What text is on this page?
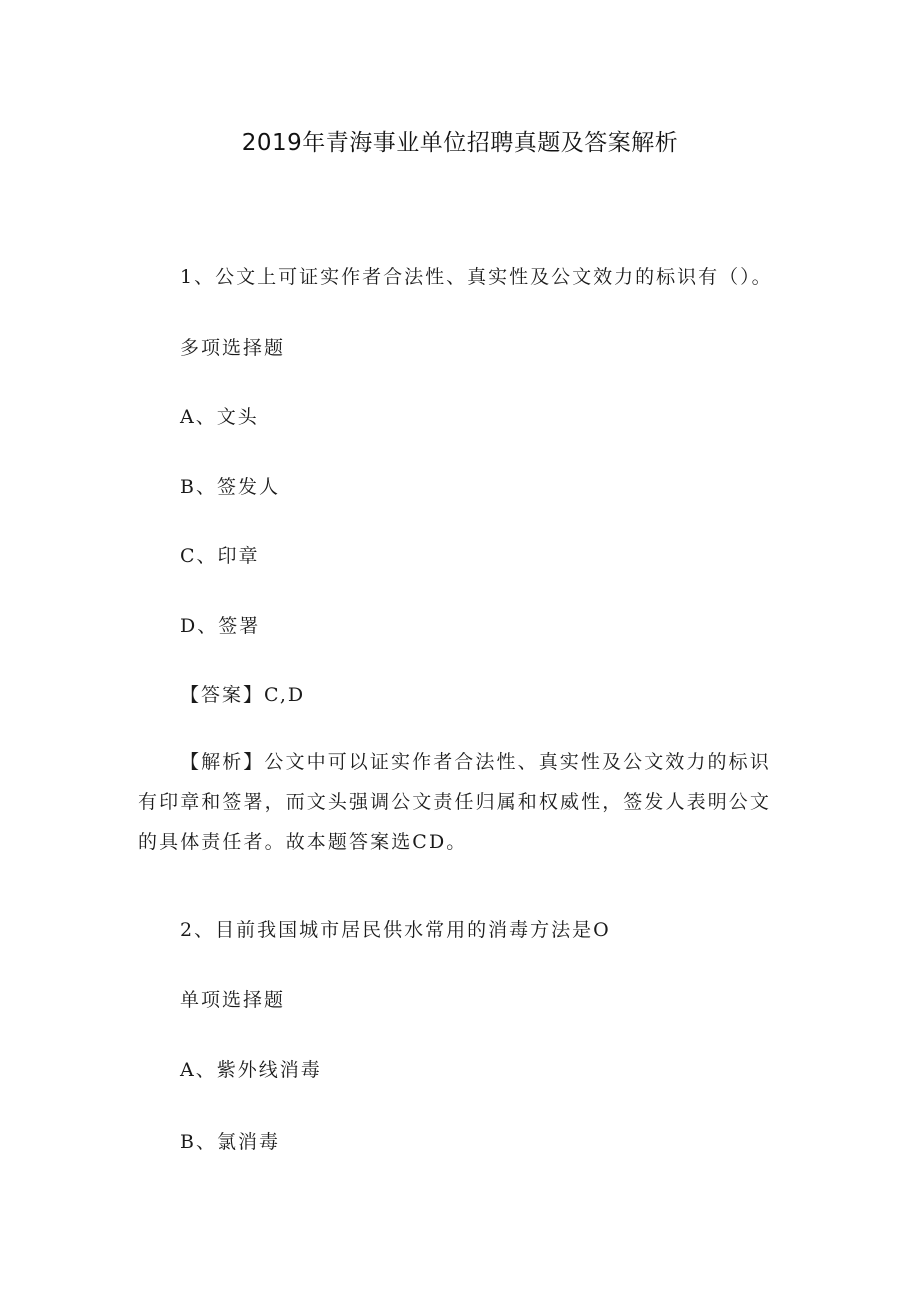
2019年青海事业单位招聘真题及答案解析

1、公文上可证实作者合法性、真实性及公文效力的标识有（）。

多项选择题

A、文头

B、签发人

C、印章

D、签署

【答案】C,D

【解析】公文中可以证实作者合法性、真实性及公文效力的标识有印章和签署，而文头强调公文责任归属和权威性，签发人表明公文的具体责任者。故本题答案选CD。

2、目前我国城市居民供水常用的消毒方法是O

单项选择题

A、紫外线消毒

B、氯消毒
